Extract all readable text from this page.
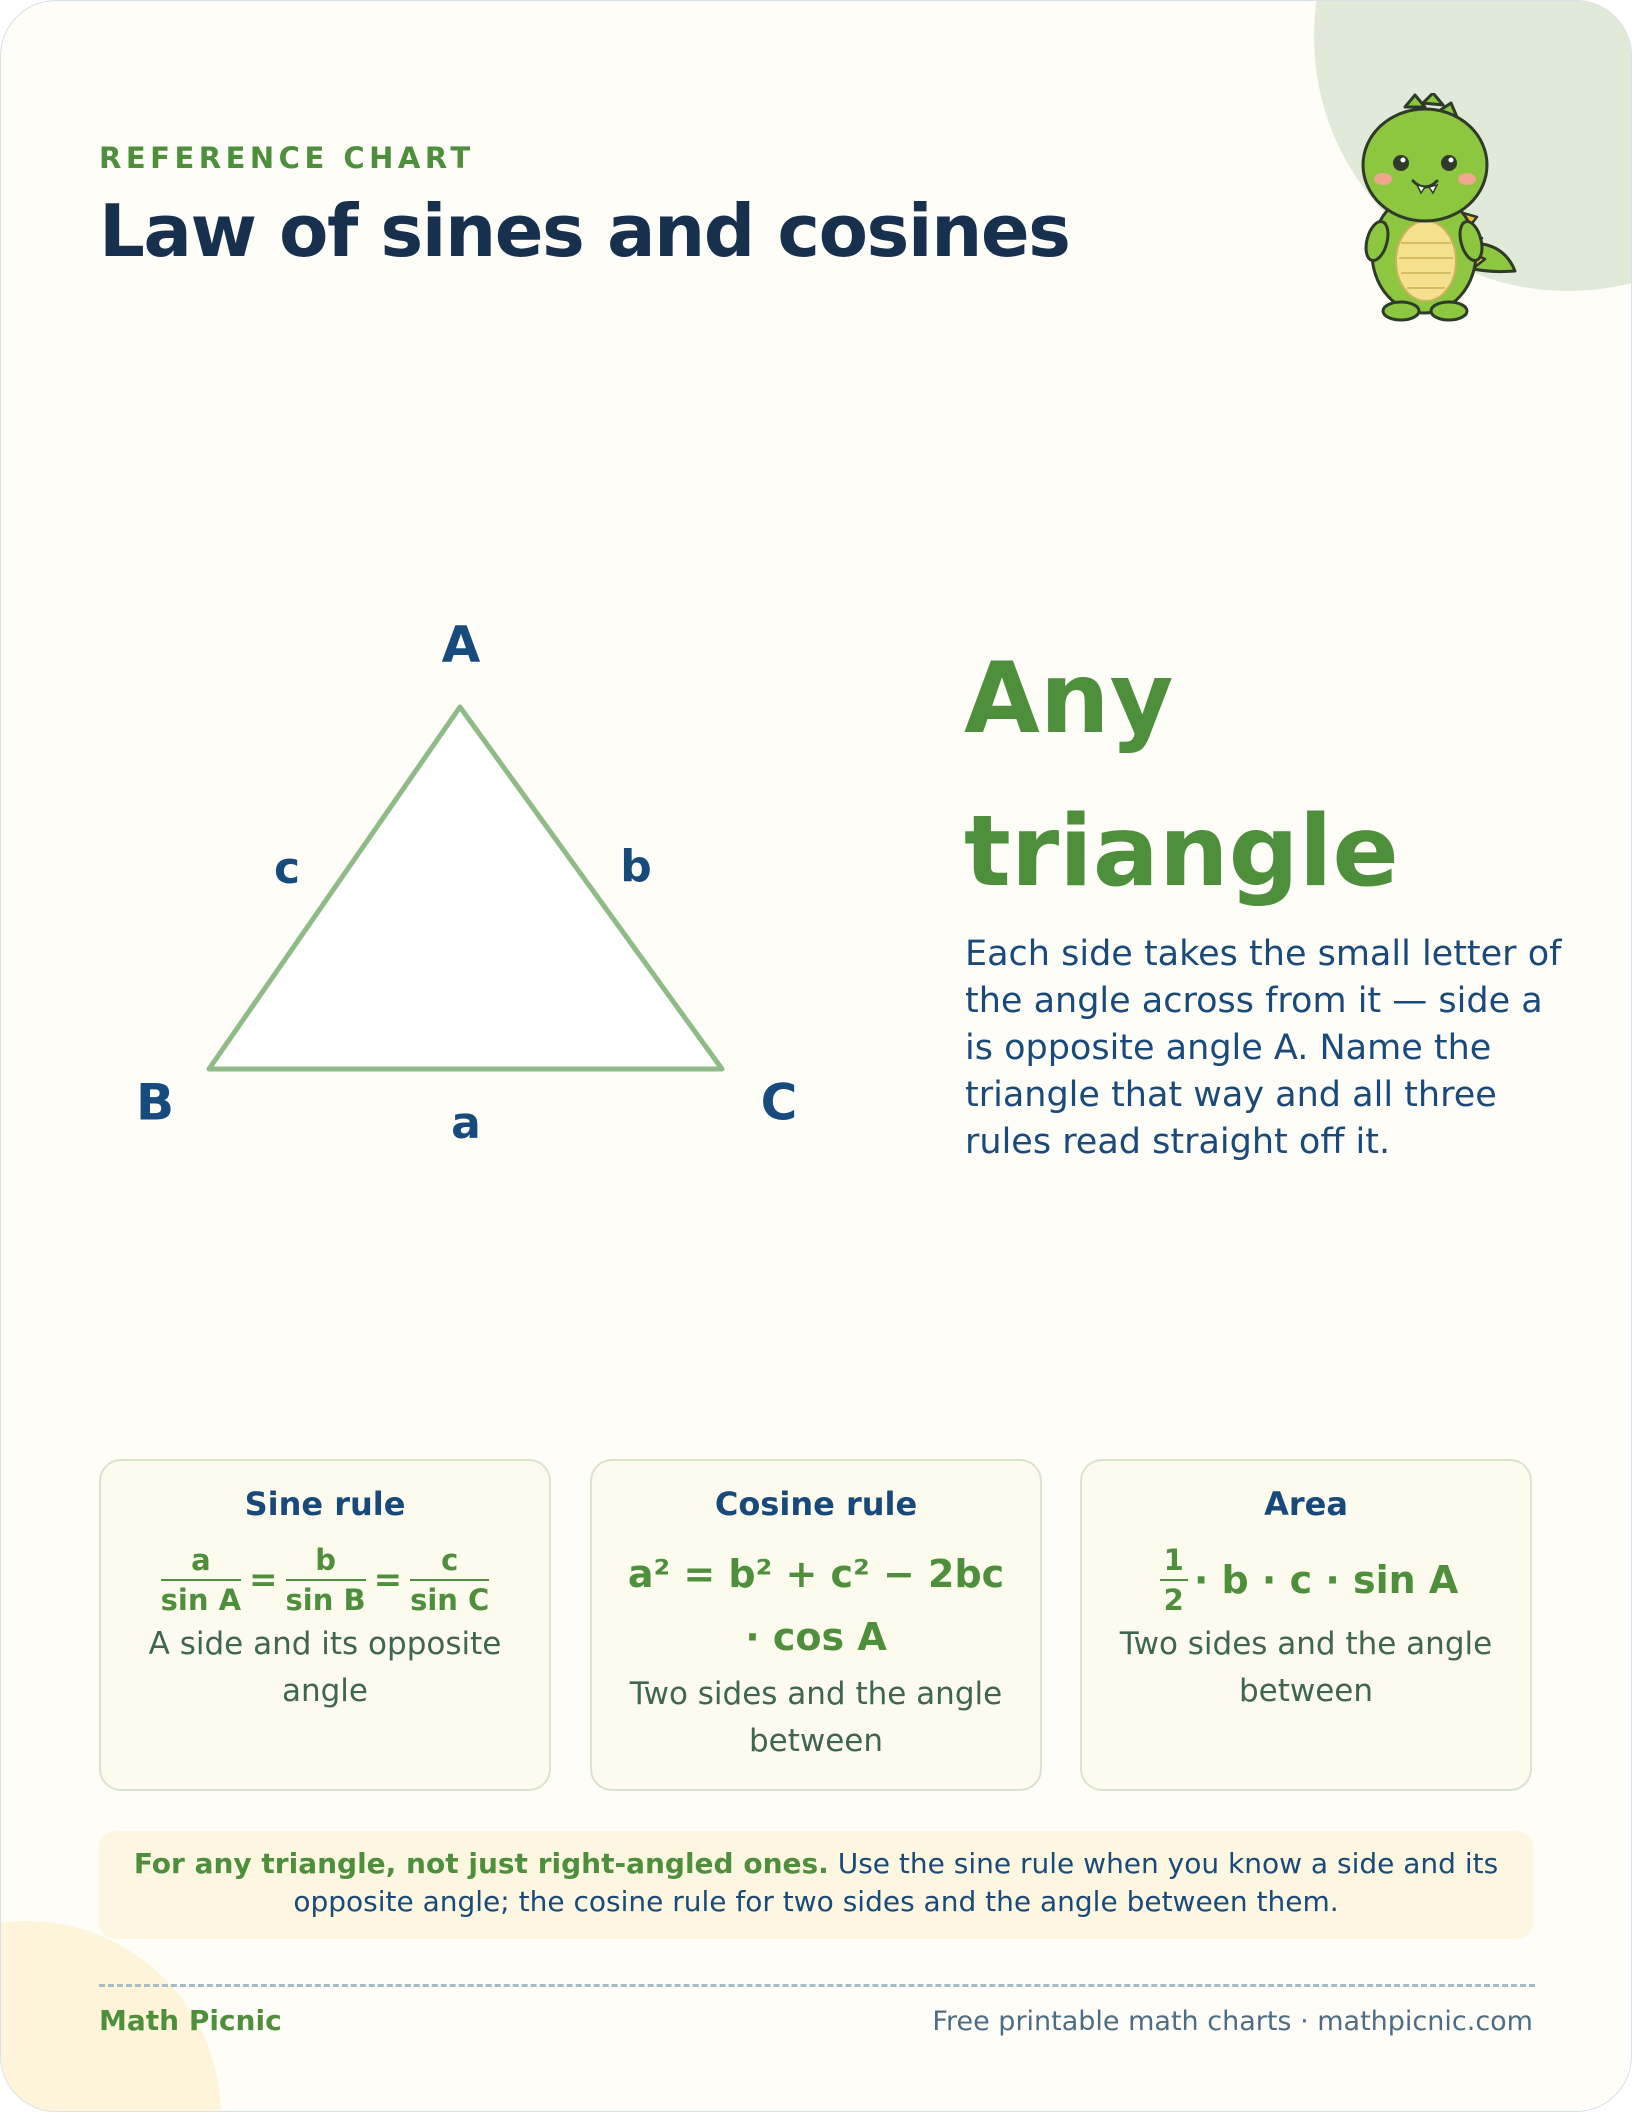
REFERENCE CHART
Law of sines and cosines
A
B	C
a
b
c
Any
triangle
Each side takes the small letter of the angle across from it — side a is opposite angle A. Name the triangle that way and all three rules read straight off it.
Sine rule
$\frac{a}{\text{sin A}} = \frac{b}{\text{sin B}} = \frac{c}{\text{sin C}}$
A side and its opposite angle
Cosine rule
a² = b² + c² − 2bc · cos A
Two sides and the angle between
Area
$\frac{1}{2} \cdot b \cdot c \cdot \sin A$
Two sides and the angle between
For any triangle, not just right-angled ones. Use the sine rule when you know a side and its opposite angle; the cosine rule for two sides and the angle between them.
Math Picnic	Free printable math charts · mathpicnic.com
